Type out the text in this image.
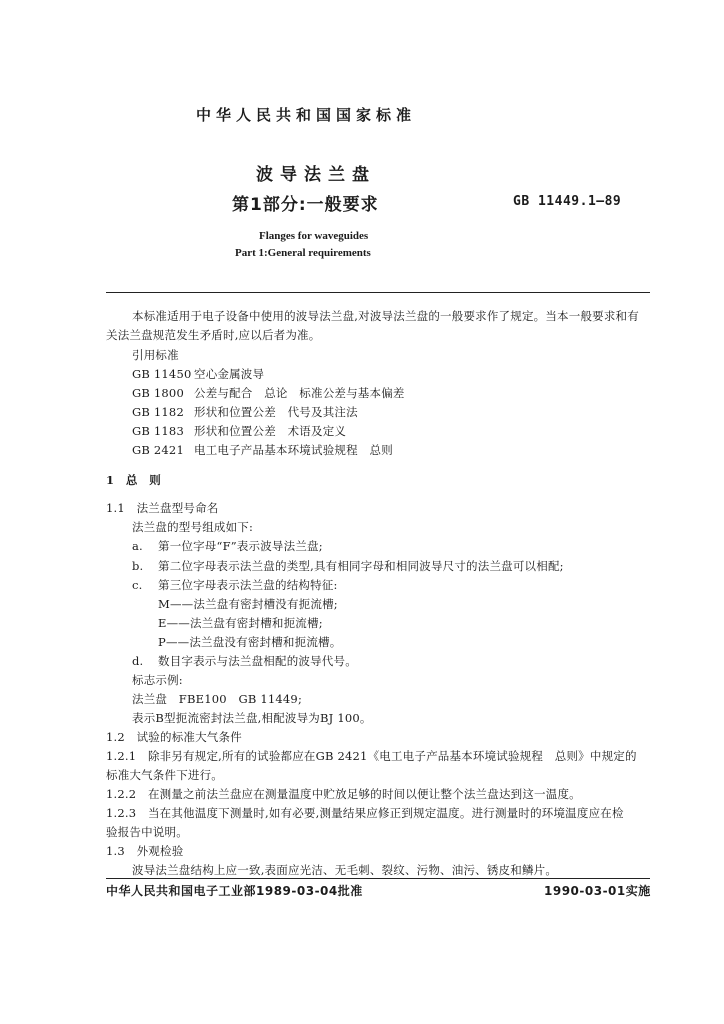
中华人民共和国国家标准
波导法兰盘
第1部分:一般要求	GB 11449.1—89
Flanges for waveguides
Part 1:General requirements
本标准适用于电子设备中使用的波导法兰盘,对波导法兰盘的一般要求作了规定。当本一般要求和有
关法兰盘规范发生矛盾时,应以后者为准。
引用标准
GB 11450 空心金属波导
GB 1800 公差与配合　总论　标准公差与基本偏差
GB 1182 形状和位置公差　代号及其注法
GB 1183 形状和位置公差　术语及定义
GB 2421 电工电子产品基本环境试验规程　总则
1　总　则
1.1　法兰盘型号命名
法兰盘的型号组成如下:
a. 第一位字母“F”表示波导法兰盘;
b. 第二位字母表示法兰盘的类型,具有相同字母和相同波导尺寸的法兰盘可以相配;
c. 第三位字母表示法兰盘的结构特征:
M——法兰盘有密封槽没有扼流槽;
E——法兰盘有密封槽和扼流槽;
P——法兰盘没有密封槽和扼流槽。
d. 数目字表示与法兰盘相配的波导代号。
标志示例:
法兰盘　FBE100　GB 11449;
表示B型扼流密封法兰盘,相配波导为BJ 100。
1.2　试验的标准大气条件
1.2.1　除非另有规定,所有的试验都应在GB 2421《电工电子产品基本环境试验规程　总则》中规定的
标准大气条件下进行。
1.2.2　在测量之前法兰盘应在测量温度中贮放足够的时间以便让整个法兰盘达到这一温度。
1.2.3　当在其他温度下测量时,如有必要,测量结果应修正到规定温度。进行测量时的环境温度应在检
验报告中说明。
1.3　外观检验
波导法兰盘结构上应一致,表面应光洁、无毛刺、裂纹、污物、油污、锈皮和鳞片。
中华人民共和国电子工业部1989-03-04批准	1990-03-01实施
